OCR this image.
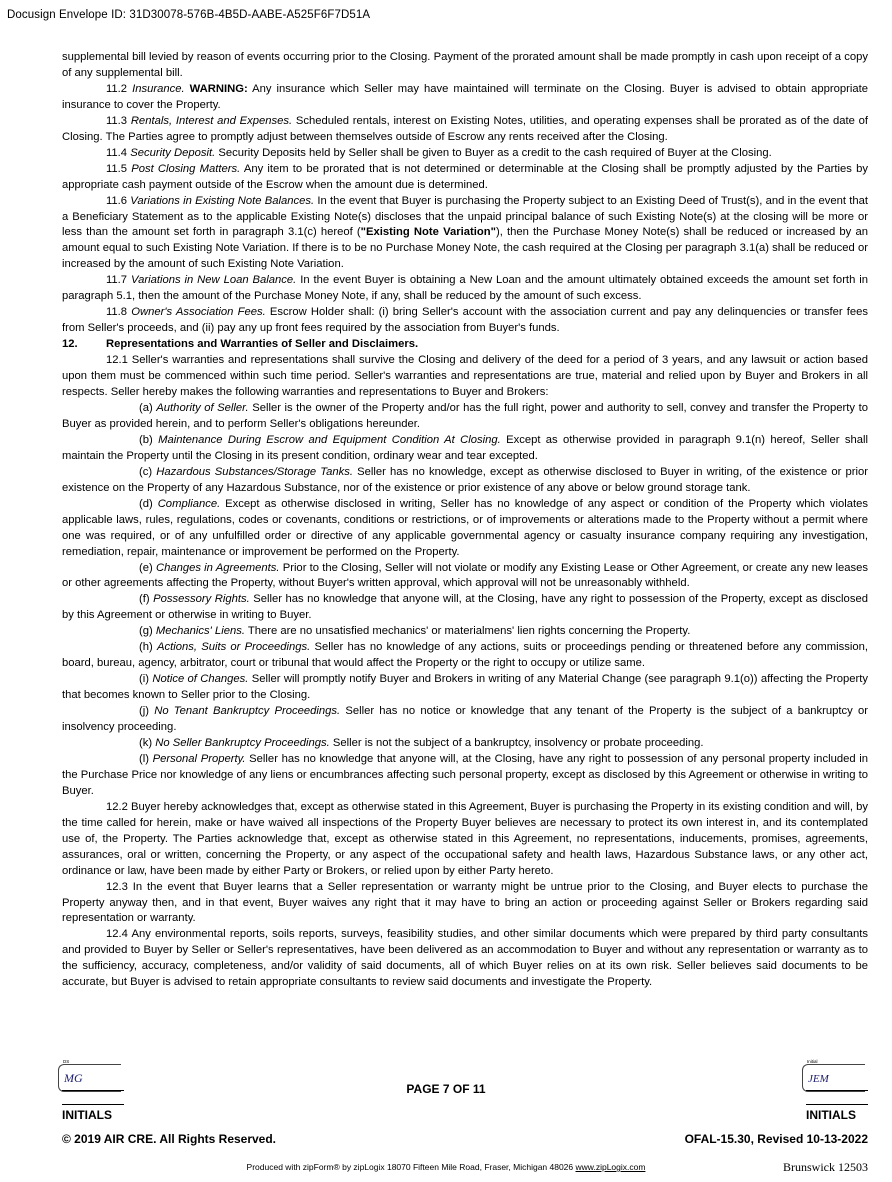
Docusign Envelope ID: 31D30078-576B-4B5D-AABE-A525F6F7D51A

supplemental bill levied by reason of events occurring prior to the Closing. Payment of the prorated amount shall be made promptly in cash upon receipt of a copy of any supplemental bill.

11.2 Insurance. WARNING: Any insurance which Seller may have maintained will terminate on the Closing. Buyer is advised to obtain appropriate insurance to cover the Property.

11.3 Rentals, Interest and Expenses. Scheduled rentals, interest on Existing Notes, utilities, and operating expenses shall be prorated as of the date of Closing. The Parties agree to promptly adjust between themselves outside of Escrow any rents received after the Closing.

11.4 Security Deposit. Security Deposits held by Seller shall be given to Buyer as a credit to the cash required of Buyer at the Closing.

11.5 Post Closing Matters. Any item to be prorated that is not determined or determinable at the Closing shall be promptly adjusted by the Parties by appropriate cash payment outside of the Escrow when the amount due is determined.

11.6 Variations in Existing Note Balances. In the event that Buyer is purchasing the Property subject to an Existing Deed of Trust(s), and in the event that a Beneficiary Statement as to the applicable Existing Note(s) discloses that the unpaid principal balance of such Existing Note(s) at the closing will be more or less than the amount set forth in paragraph 3.1(c) hereof ("Existing Note Variation"), then the Purchase Money Note(s) shall be reduced or increased by an amount equal to such Existing Note Variation. If there is to be no Purchase Money Note, the cash required at the Closing per paragraph 3.1(a) shall be reduced or increased by the amount of such Existing Note Variation.

11.7 Variations in New Loan Balance. In the event Buyer is obtaining a New Loan and the amount ultimately obtained exceeds the amount set forth in paragraph 5.1, then the amount of the Purchase Money Note, if any, shall be reduced by the amount of such excess.

11.8 Owner's Association Fees. Escrow Holder shall: (i) bring Seller's account with the association current and pay any delinquencies or transfer fees from Seller's proceeds, and (ii) pay any up front fees required by the association from Buyer's funds.

12.	Representations and Warranties of Seller and Disclaimers.

12.1 Seller's warranties and representations shall survive the Closing and delivery of the deed for a period of 3 years, and any lawsuit or action based upon them must be commenced within such time period. Seller's warranties and representations are true, material and relied upon by Buyer and Brokers in all respects. Seller hereby makes the following warranties and representations to Buyer and Brokers:

(a) Authority of Seller. Seller is the owner of the Property and/or has the full right, power and authority to sell, convey and transfer the Property to Buyer as provided herein, and to perform Seller's obligations hereunder.

(b) Maintenance During Escrow and Equipment Condition At Closing. Except as otherwise provided in paragraph 9.1(n) hereof, Seller shall maintain the Property until the Closing in its present condition, ordinary wear and tear excepted.

(c) Hazardous Substances/Storage Tanks. Seller has no knowledge, except as otherwise disclosed to Buyer in writing, of the existence or prior existence on the Property of any Hazardous Substance, nor of the existence or prior existence of any above or below ground storage tank.

(d) Compliance. Except as otherwise disclosed in writing, Seller has no knowledge of any aspect or condition of the Property which violates applicable laws, rules, regulations, codes or covenants, conditions or restrictions, or of improvements or alterations made to the Property without a permit where one was required, or of any unfulfilled order or directive of any applicable governmental agency or casualty insurance company requiring any investigation, remediation, repair, maintenance or improvement be performed on the Property.

(e) Changes in Agreements. Prior to the Closing, Seller will not violate or modify any Existing Lease or Other Agreement, or create any new leases or other agreements affecting the Property, without Buyer's written approval, which approval will not be unreasonably withheld.

(f) Possessory Rights. Seller has no knowledge that anyone will, at the Closing, have any right to possession of the Property, except as disclosed by this Agreement or otherwise in writing to Buyer.

(g) Mechanics' Liens. There are no unsatisfied mechanics' or materialmens' lien rights concerning the Property.

(h) Actions, Suits or Proceedings. Seller has no knowledge of any actions, suits or proceedings pending or threatened before any commission, board, bureau, agency, arbitrator, court or tribunal that would affect the Property or the right to occupy or utilize same.

(i) Notice of Changes. Seller will promptly notify Buyer and Brokers in writing of any Material Change (see paragraph 9.1(o)) affecting the Property that becomes known to Seller prior to the Closing.

(j) No Tenant Bankruptcy Proceedings. Seller has no notice or knowledge that any tenant of the Property is the subject of a bankruptcy or insolvency proceeding.

(k) No Seller Bankruptcy Proceedings. Seller is not the subject of a bankruptcy, insolvency or probate proceeding.

(l) Personal Property. Seller has no knowledge that anyone will, at the Closing, have any right to possession of any personal property included in the Purchase Price nor knowledge of any liens or encumbrances affecting such personal property, except as disclosed by this Agreement or otherwise in writing to Buyer.

12.2 Buyer hereby acknowledges that, except as otherwise stated in this Agreement, Buyer is purchasing the Property in its existing condition and will, by the time called for herein, make or have waived all inspections of the Property Buyer believes are necessary to protect its own interest in, and its contemplated use of, the Property. The Parties acknowledge that, except as otherwise stated in this Agreement, no representations, inducements, promises, agreements, assurances, oral or written, concerning the Property, or any aspect of the occupational safety and health laws, Hazardous Substance laws, or any other act, ordinance or law, have been made by either Party or Brokers, or relied upon by either Party hereto.

12.3 In the event that Buyer learns that a Seller representation or warranty might be untrue prior to the Closing, and Buyer elects to purchase the Property anyway then, and in that event, Buyer waives any right that it may have to bring an action or proceeding against Seller or Brokers regarding said representation or warranty.

12.4 Any environmental reports, soils reports, surveys, feasibility studies, and other similar documents which were prepared by third party consultants and provided to Buyer by Seller or Seller's representatives, have been delivered as an accommodation to Buyer and without any representation or warranty as to the sufficiency, accuracy, completeness, and/or validity of said documents, all of which Buyer relies on at its own risk. Seller believes said documents to be accurate, but Buyer is advised to retain appropriate consultants to review said documents and investigate the Property.

DS
MG
INITIALS
PAGE 7 OF 11
Initial
JEM
INITIALS
© 2019 AIR CRE. All Rights Reserved.	OFAL-15.30, Revised 10-13-2022
Produced with zipForm® by zipLogix 18070 Fifteen Mile Road, Fraser, Michigan 48026 www.zipLogix.com	Brunswick 12503
